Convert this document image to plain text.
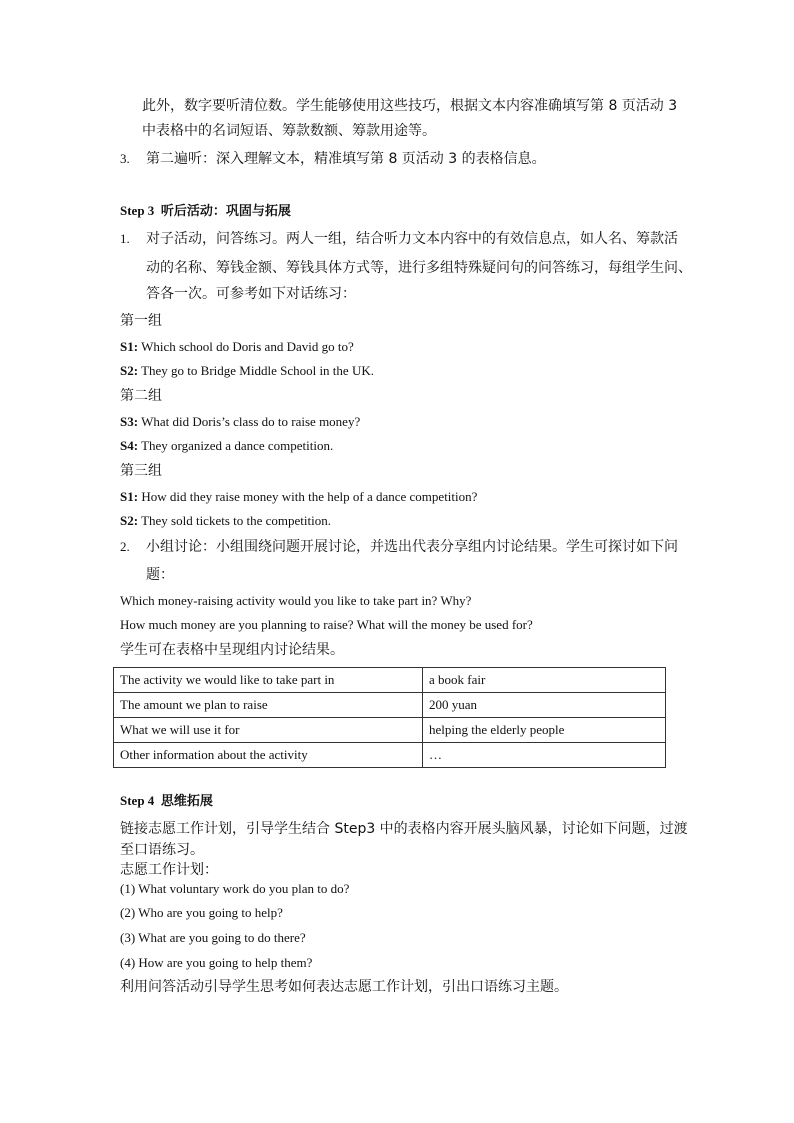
此外，数字要听清位数。学生能够使用这些技巧，根据文本内容准确填写第 8 页活动 3
中表格中的名词短语、筹款数额、筹款用途等。
3. 第二遍听：深入理解文本，精准填写第 8 页活动 3 的表格信息。
Step 3 听后活动：巩固与拓展
1. 对子活动，问答练习。两人一组，结合听力文本内容中的有效信息点，如人名、筹款活
动的名称、筹钱金额、筹钱具体方式等，进行多组特殊疑问句的问答练习，每组学生问、
答各一次。可参考如下对话练习：
第一组
S1: Which school do Doris and David go to?
S2: They go to Bridge Middle School in the UK.
第二组
S3: What did Doris’s class do to raise money?
S4: They organized a dance competition.
第三组
S1: How did they raise money with the help of a dance competition?
S2: They sold tickets to the competition.
2. 小组讨论：小组围绕问题开展讨论，并选出代表分享组内讨论结果。学生可探讨如下问
题：
Which money-raising activity would you like to take part in? Why?
How much money are you planning to raise? What will the money be used for?
学生可在表格中呈现组内讨论结果。
The activity we would like to take part in	a book fair
The amount we plan to raise	200 yuan
What we will use it for	helping the elderly people
Other information about the activity	…
Step 4 思维拓展
链接志愿工作计划，引导学生结合 Step3 中的表格内容开展头脑风暴，讨论如下问题，过渡
至口语练习。
志愿工作计划：
(1) What voluntary work do you plan to do?
(2) Who are you going to help?
(3) What are you going to do there?
(4) How are you going to help them?
利用问答活动引导学生思考如何表达志愿工作计划，引出口语练习主题。
